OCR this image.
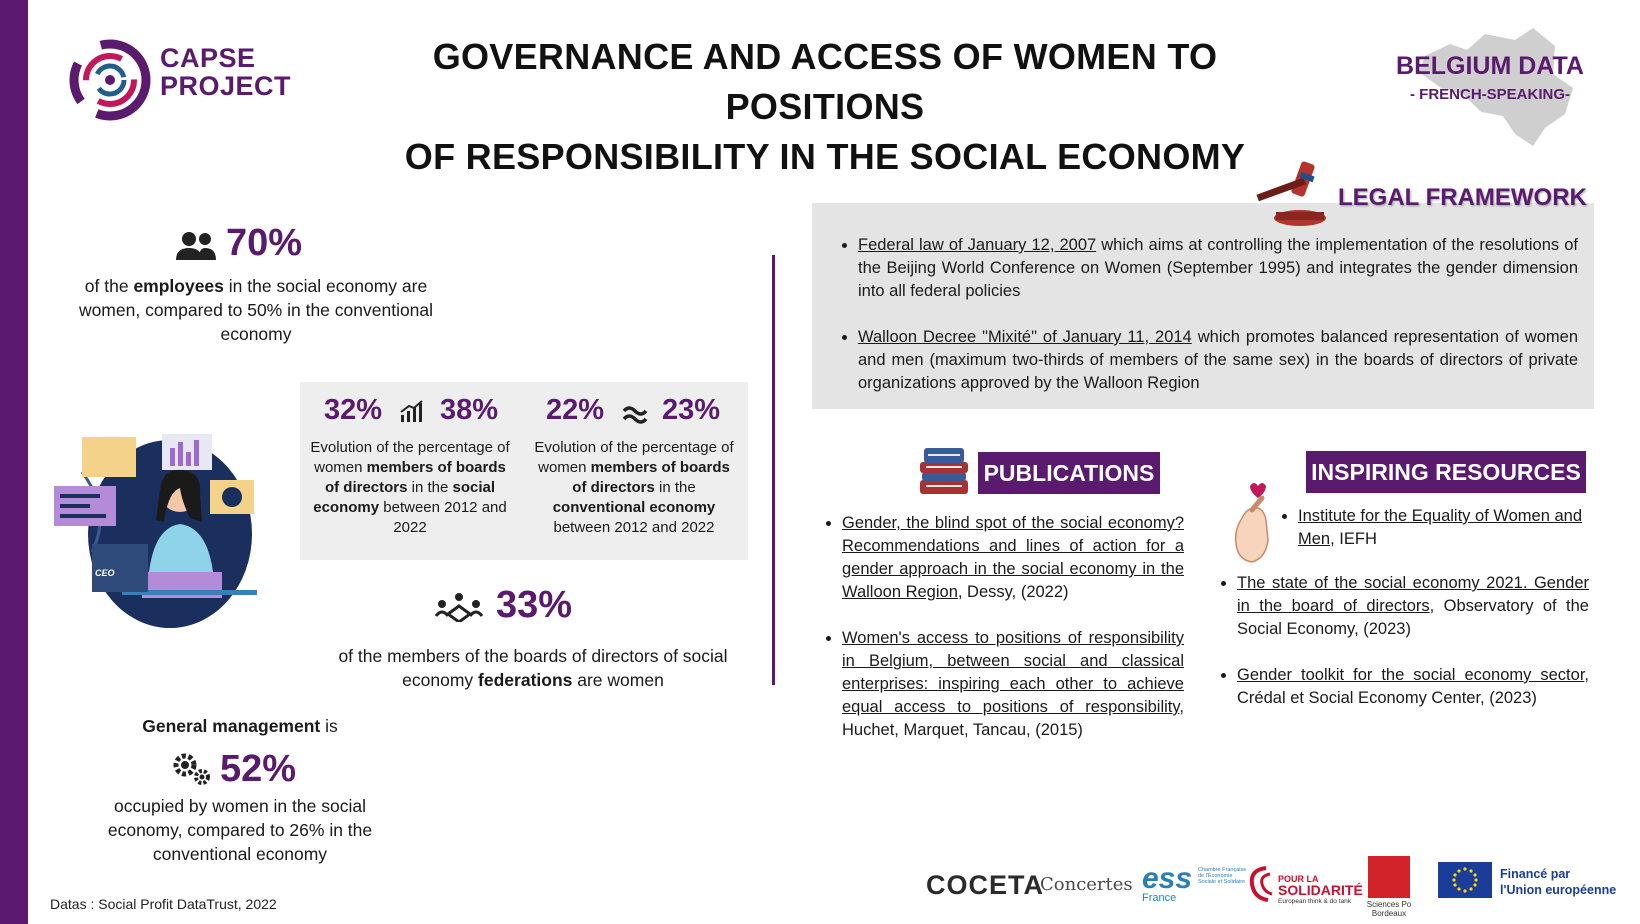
CAPSE
PROJECT
GOVERNANCE AND ACCESS OF WOMEN TO POSITIONS
OF RESPONSIBILITY IN THE SOCIAL ECONOMY
BELGIUM DATA
- FRENCH-SPEAKING-
70%
of the employees in the social economy are women, compared to 50% in the conventional economy
32% 38%
Evolution of the percentage of women members of boards of directors in the social economy between 2012 and 2022
22% 23%
Evolution of the percentage of women members of boards of directors in the conventional economy between 2012 and 2022
CEO
33%
of the members of the boards of directors of social economy federations are women
General management is
52%
occupied by women in the social economy, compared to 26% in the conventional economy
LEGAL FRAMEWORK
• Federal law of January 12, 2007 which aims at controlling the implementation of the resolutions of the Beijing World Conference on Women (September 1995) and integrates the gender dimension into all federal policies
• Walloon Decree "Mixité" of January 11, 2014 which promotes balanced representation of women and men (maximum two-thirds of members of the same sex) in the boards of directors of private organizations approved by the Walloon Region
PUBLICATIONS
• Gender, the blind spot of the social economy? Recommendations and lines of action for a gender approach in the social economy in the Walloon Region, Dessy, (2022)
• Women's access to positions of responsibility in Belgium, between social and classical enterprises: inspiring each other to achieve equal access to positions of responsibility, Huchet, Marquet, Tancau, (2015)
INSPIRING RESOURCES
• Institute for the Equality of Women and Men, IEFH
• The state of the social economy 2021. Gender in the board of directors, Observatory of the Social Economy, (2023)
• Gender toolkit for the social economy sector, Crédal et Social Economy Center, (2023)
Datas : Social Profit DataTrust, 2022
COCETA
Concertes ess
France
Chambre Française de l'Économie Sociale et Solidaire	POUR LA
SOLIDARITÉ
European think & do tank	Sciences Po Bordeaux
Financé par
l'Union européenne
